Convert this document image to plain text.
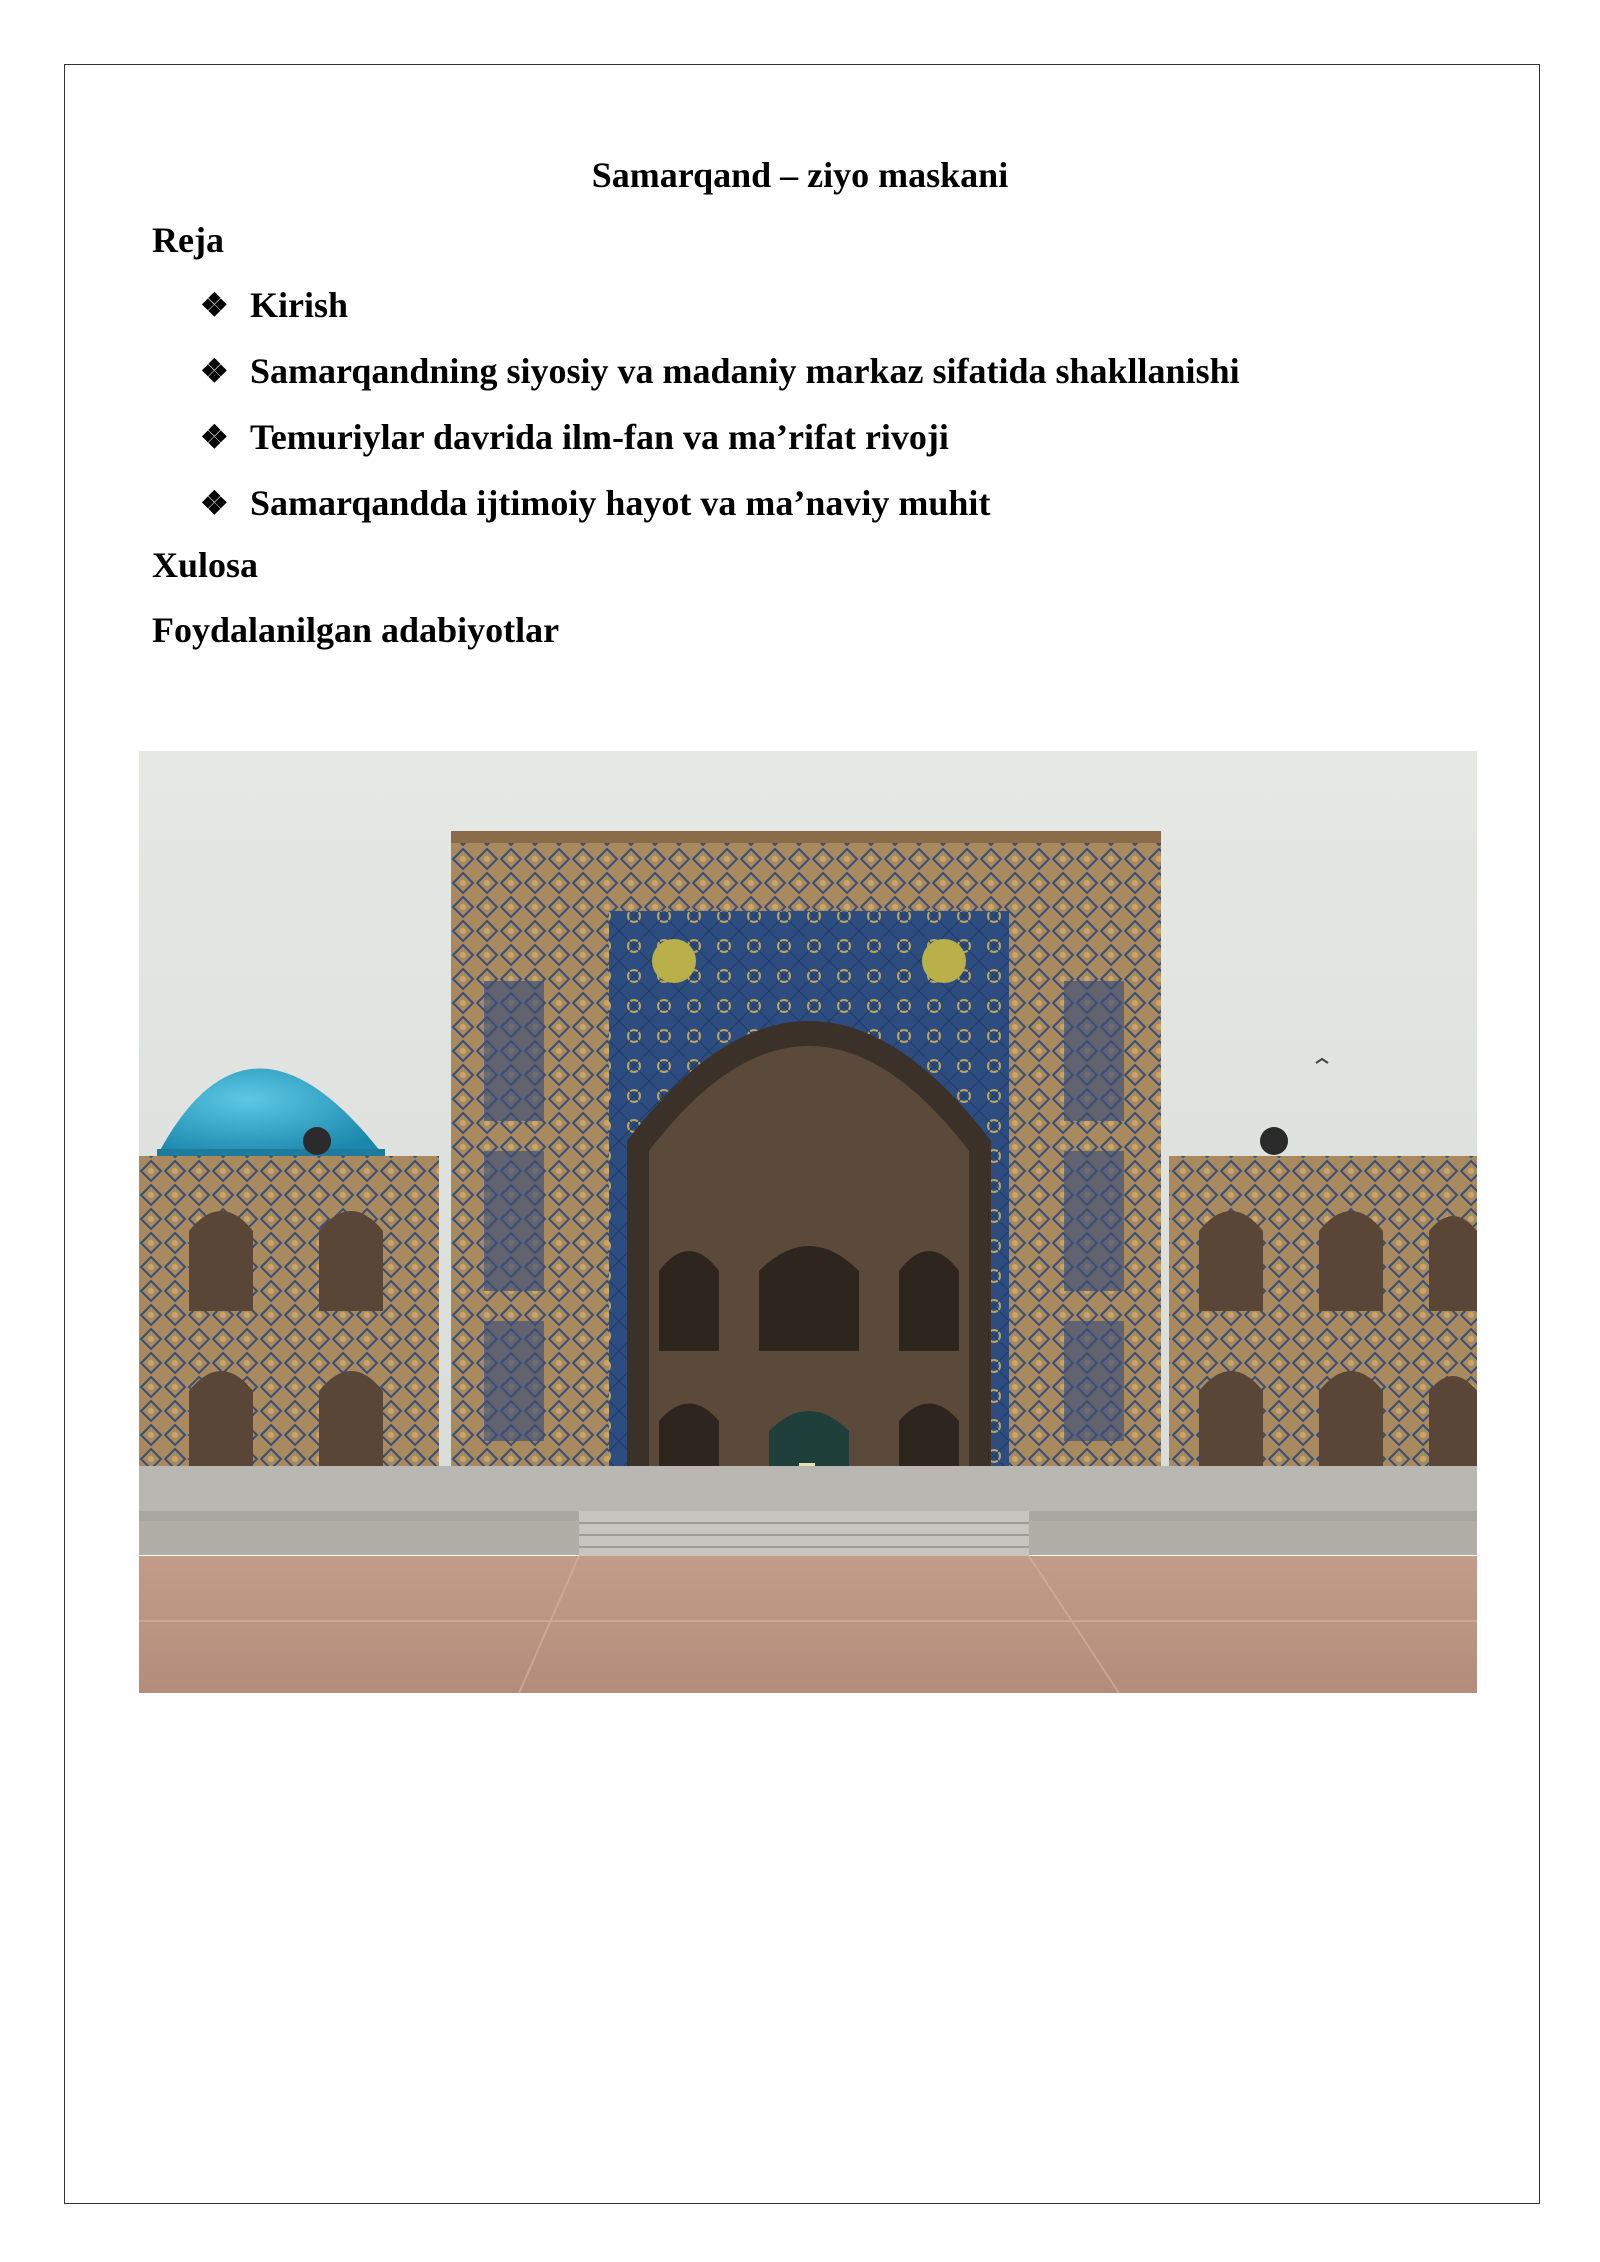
Samarqand – ziyo maskani
Reja
❖ Kirish
❖ Samarqandning siyosiy va madaniy markaz sifatida shakllanishi
❖ Temuriylar davrida ilm-fan va ma’rifat rivoji
❖ Samarqandda ijtimoiy hayot va ma’naviy muhit
Xulosa
Foydalanilgan adabiyotlar
